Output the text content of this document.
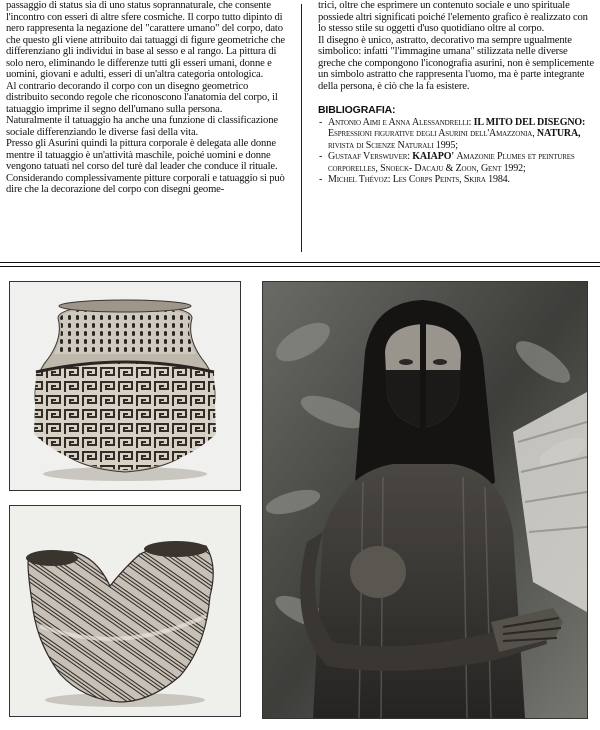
passaggio di status sia di uno status soprannaturale, che consente l'incontro con esseri di altre sfere cosmiche. Il corpo tutto dipinto di nero rappresenta la negazione del "carattere umano" del corpo, dato che questo gli viene attribuito dai tatuaggi di figure geometriche che differenziano gli individui in base al sesso e al rango. La pittura di solo nero, eliminando le differenze tutti gli esseri umani, donne e uomini, giovani e adulti, esseri di un'altra categoria ontologica.

Al contrario decorando il corpo con un disegno geometrico distribuito secondo regole che riconoscono l'anatomia del corpo, il tatuaggio imprime il segno dell'umano sulla persona.

Naturalmente il tatuaggio ha anche una funzione di classificazione sociale differenziando le diverse fasi della vita.

Presso gli Asurini quindi la pittura corporale è delegata alle donne mentre il tatuaggio è un'attività maschile, poiché uomini e donne vengono tatuati nel corso del turè dal leader che conduce il rituale.

Considerando complessivamente pitture corporali e tatuaggio si può dire che la decorazione del corpo con disegni geome-

trici, oltre che esprimere un contenuto sociale e uno spirituale possiede altri significati poiché l'elemento grafico è realizzato con lo stesso stile su oggetti d'uso quotidiano oltre al corpo.

Il disegno è unico, astratto, decorativo ma sempre ugualmente simbolico: infatti "l'immagine umana" stilizzata nelle diverse greche che compongono l'iconografia asurini, non è semplicemente un simbolo astratto che rappresenta l'uomo, ma è parte integrante della persona, è ciò che la fa esistere.

BIBLIOGRAFIA:

- Antonio Aimi e Anna Alessandrelli: IL MITO DEL DISEGNO: Espressioni figurative degli Asurini dell'Amazzonia, NATURA, rivista di Scienze Naturali 1995;
- Gustaaf Verswijver: KAIAPO' Amazonie Plumes et peintures corporelles, Snoeck- Dacaju & Zoon, Gent 1992;
- Michel Thévoz: Les Corps Peints, Skira 1984.
